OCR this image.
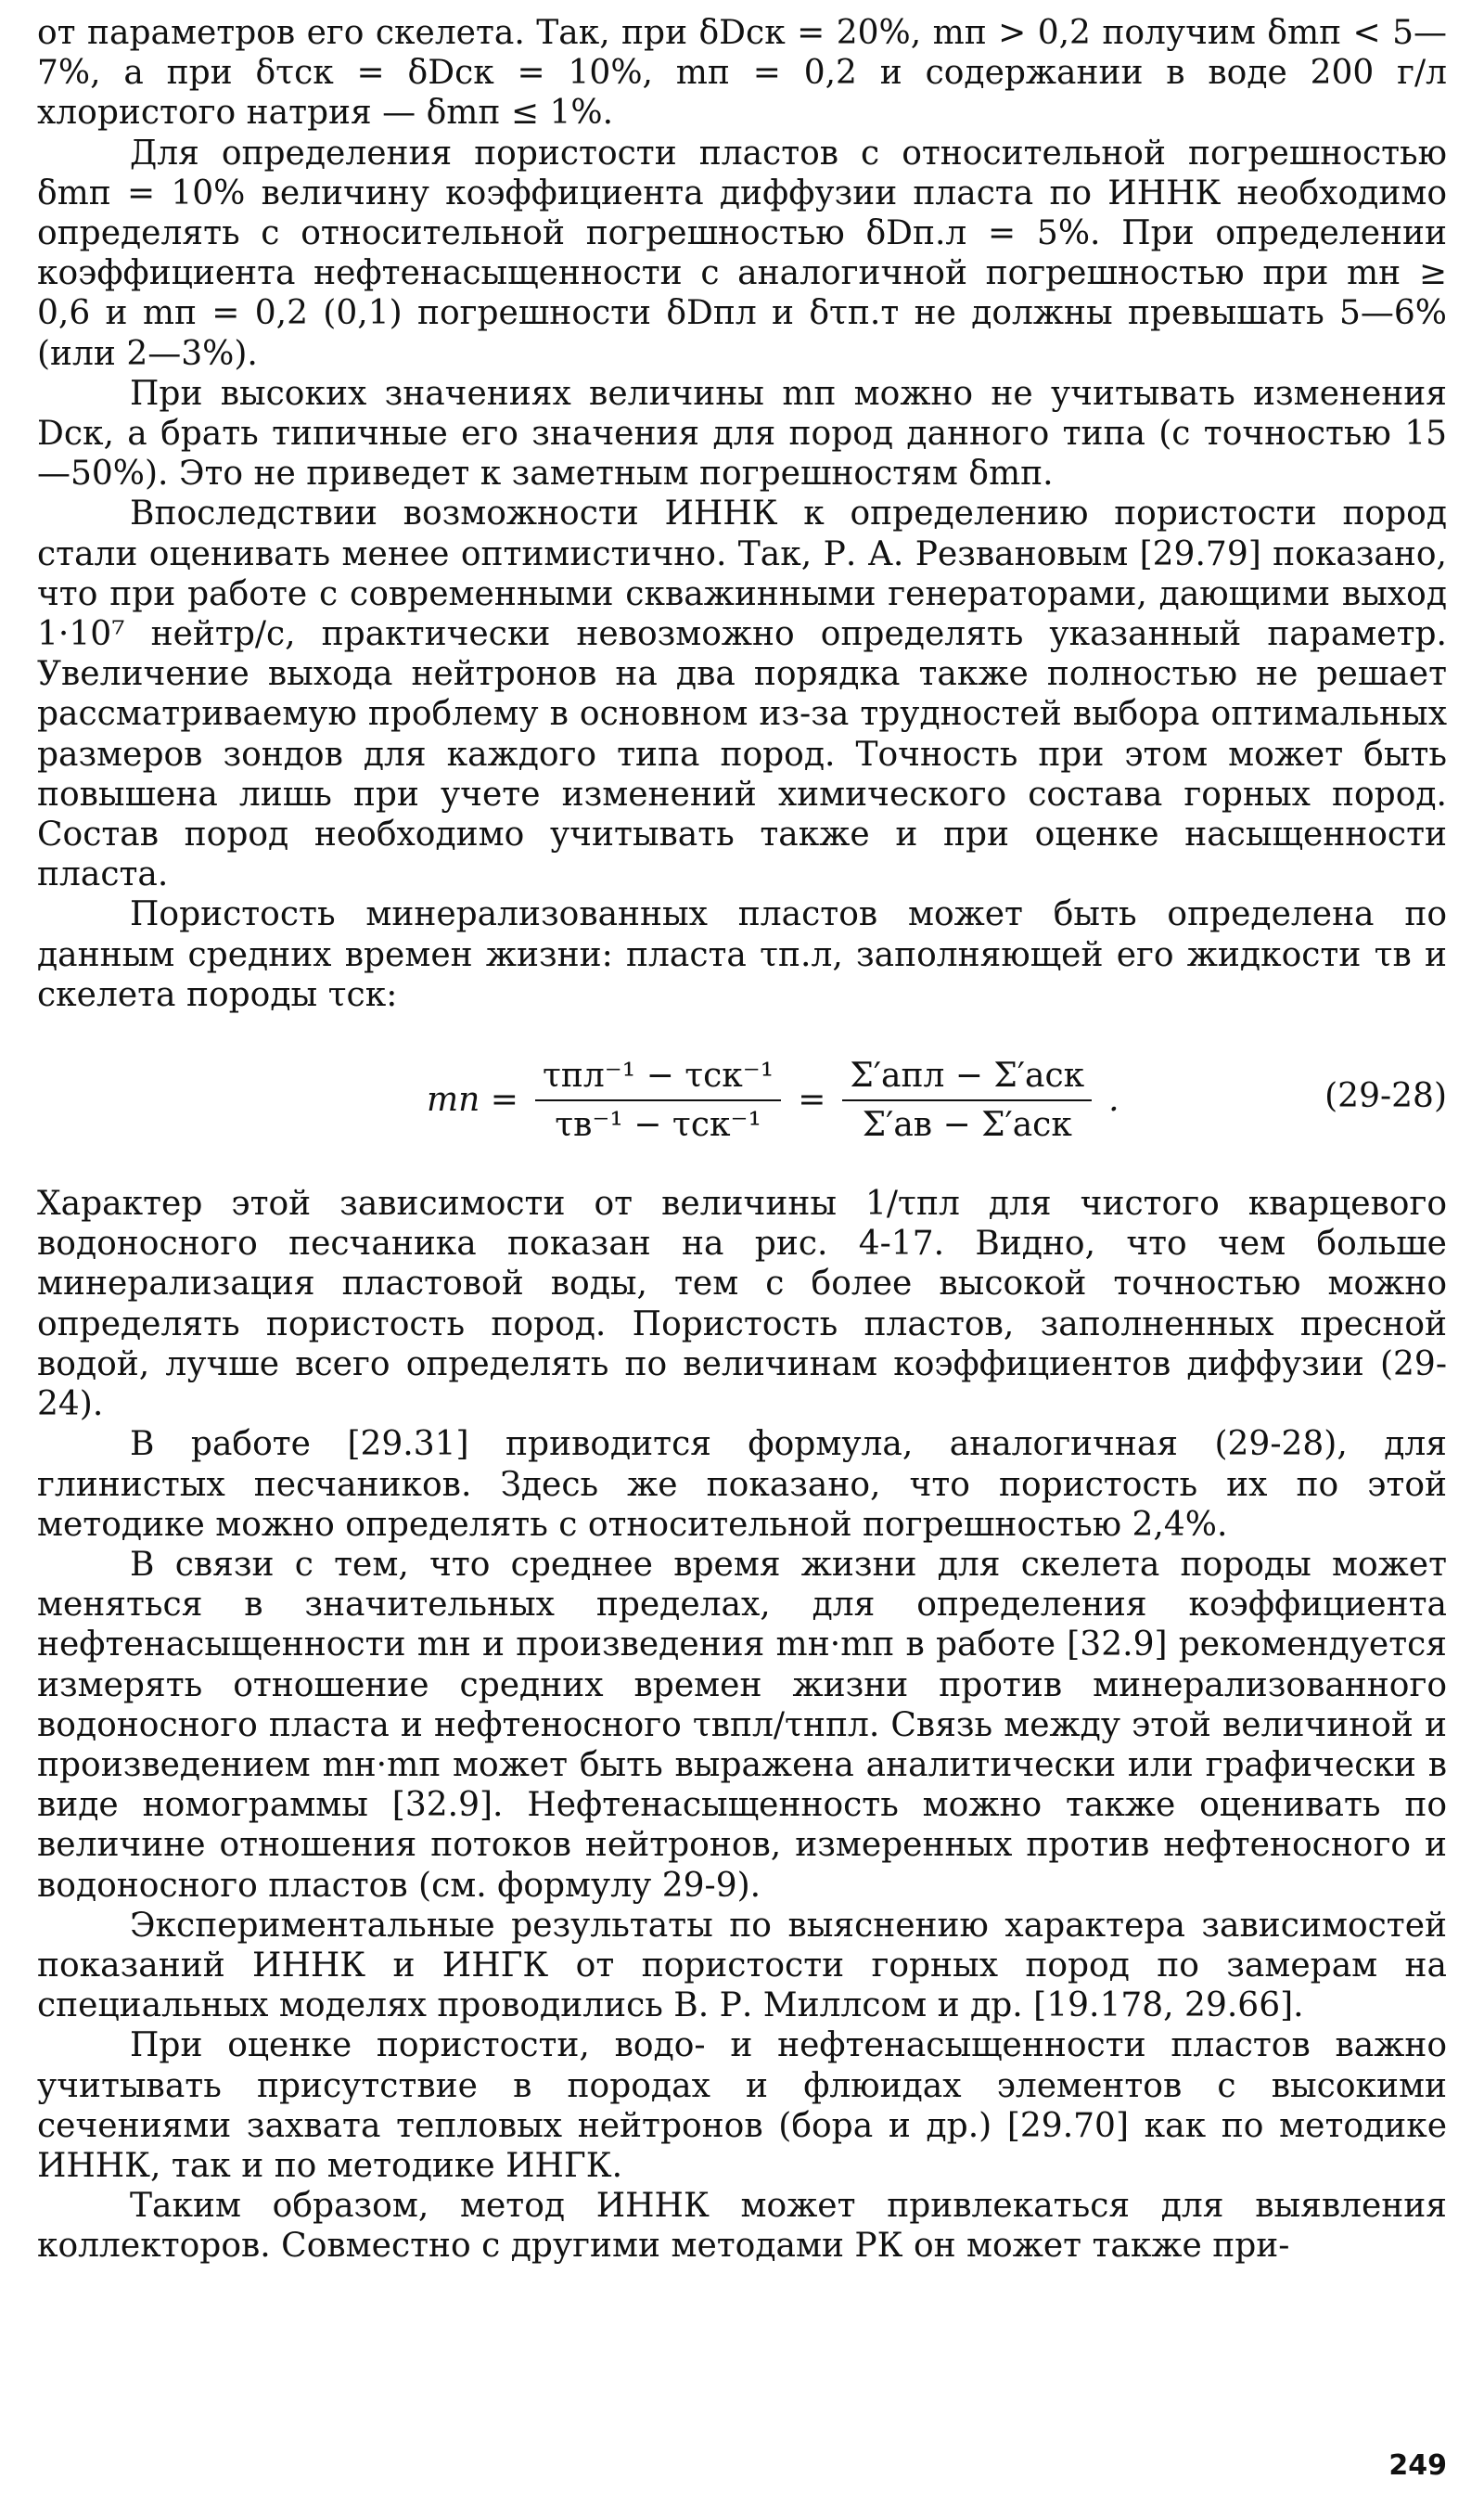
от параметров его скелета. Так, при δDск = 20%, mп > 0,2 получим δmп < 5—7%, а при δτск = δDск = 10%, mп = 0,2 и содержании в воде 200 г/л хлористого натрия — δmп ≤ 1%.

Для определения пористости пластов с относительной погрешностью δmп = 10% величину коэффициента диффузии пласта по ИННК необходимо определять с относительной погрешностью δDп.л = 5%. При определении коэффициента нефтенасыщенности с аналогичной погрешностью при mн ≥ 0,6 и mп = 0,2 (0,1) погрешности δDпл и δτп.т не должны превышать 5—6% (или 2—3%).

При высоких значениях величины mп можно не учитывать изменения Dск, а брать типичные его значения для пород данного типа (с точностью 15—50%). Это не приведет к заметным погрешностям δmп.

Впоследствии возможности ИННК к определению пористости пород стали оценивать менее оптимистично. Так, Р. А. Резвановым [29.79] показано, что при работе с современными скважинными генераторами, дающими выход 1·10⁷ нейтр/с, практически невозможно определять указанный параметр. Увеличение выхода нейтронов на два порядка также полностью не решает рассматриваемую проблему в основном из-за трудностей выбора оптимальных размеров зондов для каждого типа пород. Точность при этом может быть повышена лишь при учете изменений химического состава горных пород. Состав пород необходимо учитывать также и при оценке насыщенности пласта.

Пористость минерализованных пластов может быть определена по данным средних времен жизни: пласта τп.л, заполняющей его жидкости τв и скелета породы τск:

mп = $\frac{\text{τпл⁻¹ − τск⁻¹}}{\text{τв⁻¹ − τск⁻¹}} = \frac{\text{Σ′aпл − Σ′aск}}{\text{Σ′aв − Σ′aск}}$ .	(29-28)

Характер этой зависимости от величины 1/τпл для чистого кварцевого водоносного песчаника показан на рис. 4-17. Видно, что чем больше минерализация пластовой воды, тем с более высокой точностью можно определять пористость пород. Пористость пластов, заполненных пресной водой, лучше всего определять по величинам коэффициентов диффузии (29-24).

В работе [29.31] приводится формула, аналогичная (29-28), для глинистых песчаников. Здесь же показано, что пористость их по этой методике можно определять с относительной погрешностью 2,4%.

В связи с тем, что среднее время жизни для скелета породы может меняться в значительных пределах, для определения коэффициента нефтенасыщенности mн и произведения mн·mп в работе [32.9] рекомендуется измерять отношение средних времен жизни против минерализованного водоносного пласта и нефтеносного τвпл/τнпл. Связь между этой величиной и произведением mн·mп может быть выражена аналитически или графически в виде номограммы [32.9]. Нефтенасыщенность можно также оценивать по величине отношения потоков нейтронов, измеренных против нефтеносного и водоносного пластов (см. формулу 29-9).

Экспериментальные результаты по выяснению характера зависимостей показаний ИННК и ИНГК от пористости горных пород по замерам на специальных моделях проводились В. Р. Миллсом и др. [19.178, 29.66].

При оценке пористости, водо- и нефтенасыщенности пластов важно учитывать присутствие в породах и флюидах элементов с высокими сечениями захвата тепловых нейтронов (бора и др.) [29.70] как по методике ИННК, так и по методике ИНГК.

Таким образом, метод ИННК может привлекаться для выявления коллекторов. Совместно с другими методами РК он может также при-

249
